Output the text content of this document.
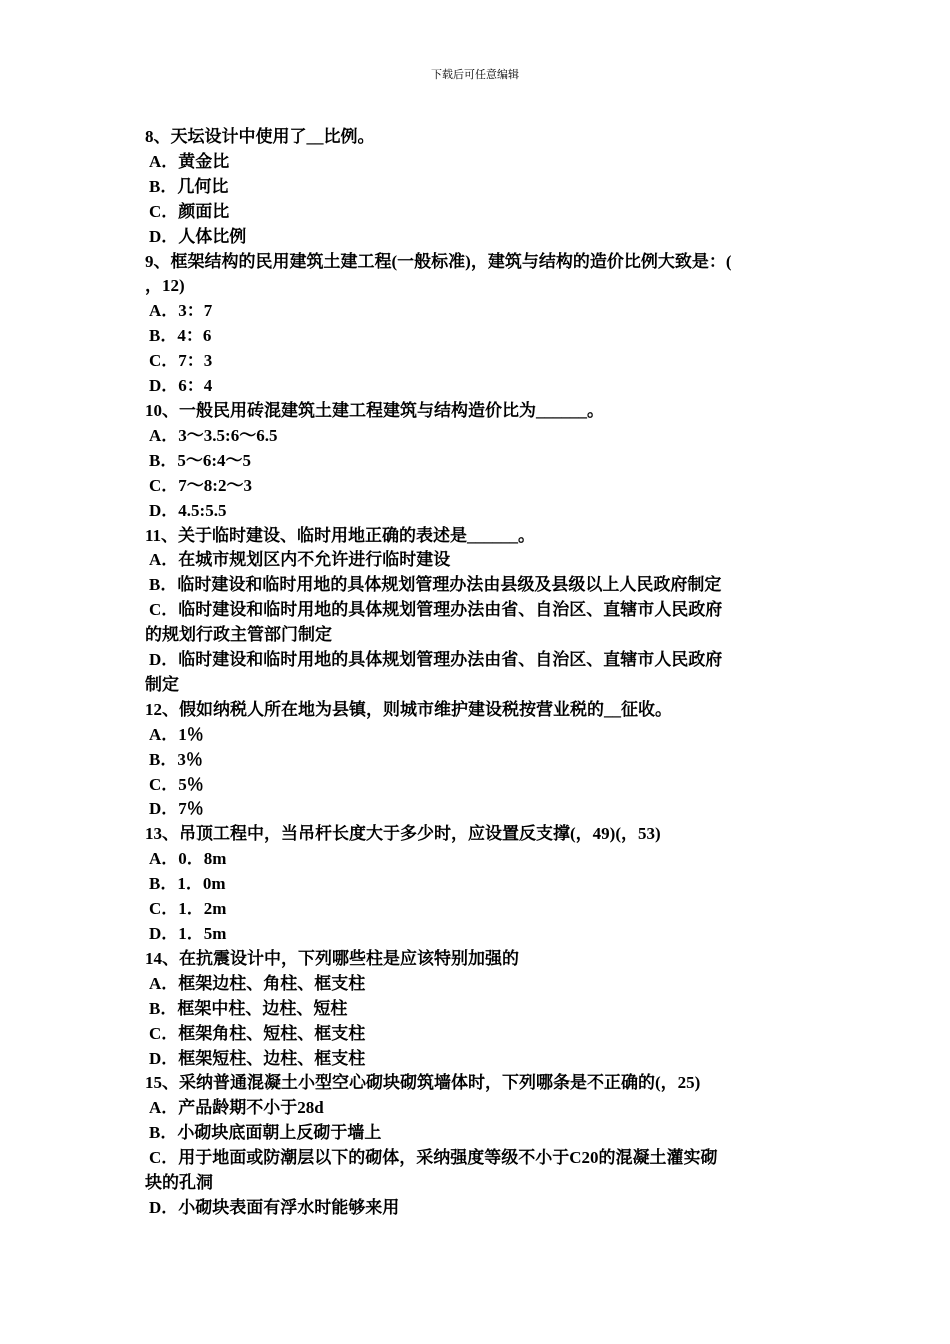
下载后可任意编辑
8、天坛设计中使用了__比例。
A．黄金比
B．几何比
C．颜面比
D．人体比例
9、框架结构的民用建筑土建工程(一般标准)，建筑与结构的造价比例大致是：(
，12)
A．3：7
B．4：6
C．7：3
D．6：4
10、一般民用砖混建筑土建工程建筑与结构造价比为______。
A．3～3.5:6～6.5
B．5～6:4～5
C．7～8:2～3
D．4.5:5.5
11、关于临时建设、临时用地正确的表述是______。
A．在城市规划区内不允许进行临时建设
B．临时建设和临时用地的具体规划管理办法由县级及县级以上人民政府制定
C．临时建设和临时用地的具体规划管理办法由省、自治区、直辖市人民政府
的规划行政主管部门制定
D．临时建设和临时用地的具体规划管理办法由省、自治区、直辖市人民政府
制定
12、假如纳税人所在地为县镇，则城市维护建设税按营业税的__征收。
A．1％
B．3％
C．5％
D．7％
13、吊顶工程中，当吊杆长度大于多少时，应设置反支撑(，49)(，53)
A．0．8m
B．1．0m
C．1．2m
D．1．5m
14、在抗震设计中，下列哪些柱是应该特别加强的
A．框架边柱、角柱、框支柱
B．框架中柱、边柱、短柱
C．框架角柱、短柱、框支柱
D．框架短柱、边柱、框支柱
15、采纳普通混凝土小型空心砌块砌筑墙体时，下列哪条是不正确的(，25)
A．产品龄期不小于28d
B．小砌块底面朝上反砌于墙上
C．用于地面或防潮层以下的砌体，采纳强度等级不小于C20的混凝土灌实砌
块的孔洞
D．小砌块表面有浮水时能够来用
